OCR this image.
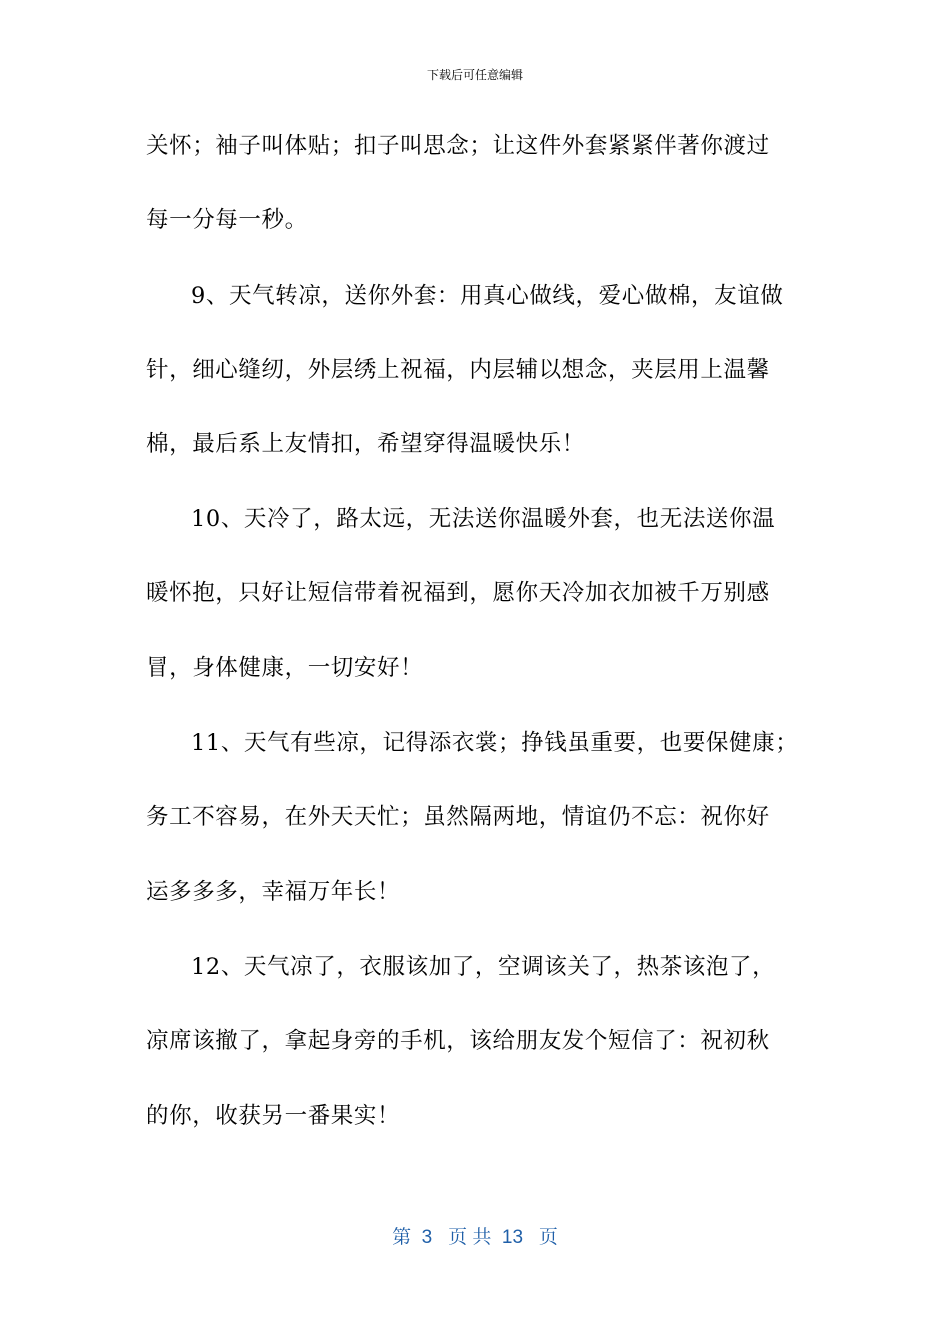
下载后可任意编辑
关怀；袖子叫体贴；扣子叫思念；让这件外套紧紧伴著你渡过
每一分每一秒。
9、天气转凉，送你外套：用真心做线，爱心做棉，友谊做
针，细心缝纫，外层绣上祝福，内层辅以想念，夹层用上温馨
棉，最后系上友情扣，希望穿得温暖快乐！
10、天冷了，路太远，无法送你温暖外套，也无法送你温
暖怀抱，只好让短信带着祝福到，愿你天冷加衣加被千万别感
冒，身体健康，一切安好！
11、天气有些凉，记得添衣裳；挣钱虽重要，也要保健康；
务工不容易，在外天天忙；虽然隔两地，情谊仍不忘：祝你好
运多多多，幸福万年长！
12、天气凉了，衣服该加了，空调该关了，热茶该泡了，
凉席该撤了，拿起身旁的手机，该给朋友发个短信了：祝初秋
的你，收获另一番果实！
第  3   页 共  13   页
